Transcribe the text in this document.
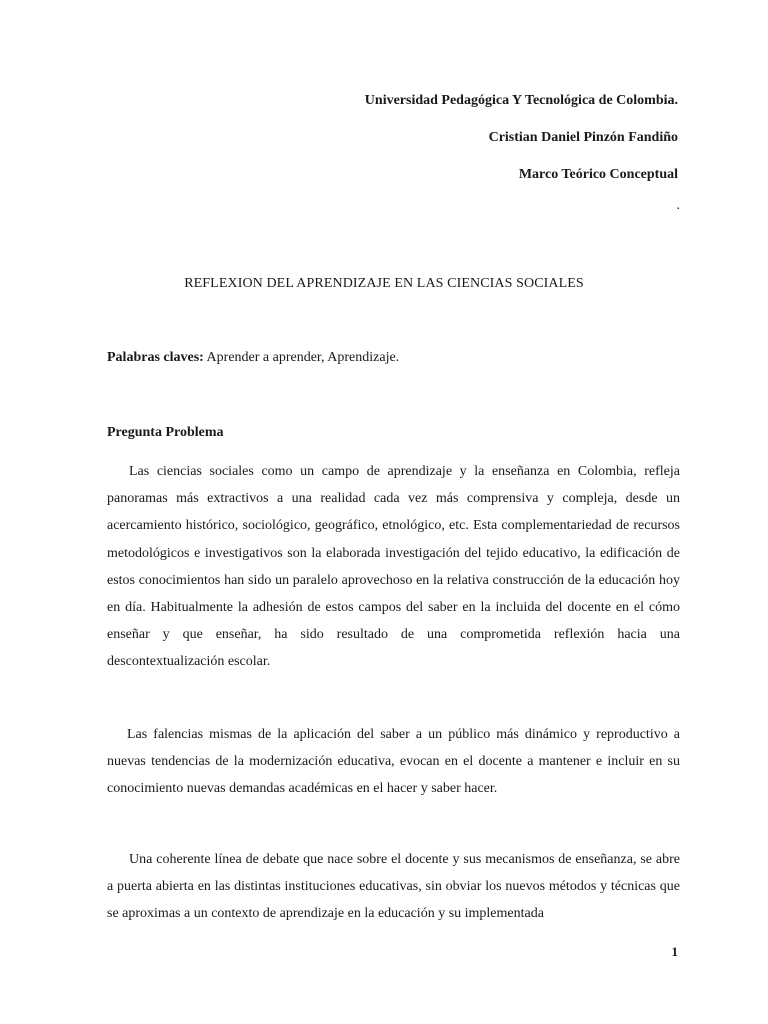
Universidad Pedagógica Y Tecnológica de Colombia.
Cristian Daniel Pinzón Fandiño
Marco Teórico Conceptual
.
REFLEXION DEL APRENDIZAJE EN LAS CIENCIAS SOCIALES
Palabras claves: Aprender a aprender, Aprendizaje.
Pregunta Problema

Las ciencias sociales como un campo de aprendizaje y la enseñanza en Colombia, refleja panoramas más extractivos a una realidad cada vez más comprensiva y compleja, desde un acercamiento histórico, sociológico, geográfico, etnológico, etc. Esta complementariedad de recursos metodológicos e investigativos son la elaborada investigación del tejido educativo, la edificación de estos conocimientos han sido un paralelo aprovechoso en la relativa construcción de la educación hoy en día. Habitualmente la adhesión de estos campos del saber en la incluida del docente en el cómo enseñar y que enseñar, ha sido resultado de una comprometida reflexión hacia una descontextualización escolar.

Las falencias mismas de la aplicación del saber a un público más dinámico y reproductivo a nuevas tendencias de la modernización educativa, evocan en el docente a mantener e incluir en su conocimiento nuevas demandas académicas en el hacer y saber hacer.

Una coherente línea de debate que nace sobre el docente y sus mecanismos de enseñanza, se abre a puerta abierta en las distintas instituciones educativas, sin obviar los nuevos métodos y técnicas que se aproximas a un contexto de aprendizaje en la educación y su implementada

1
